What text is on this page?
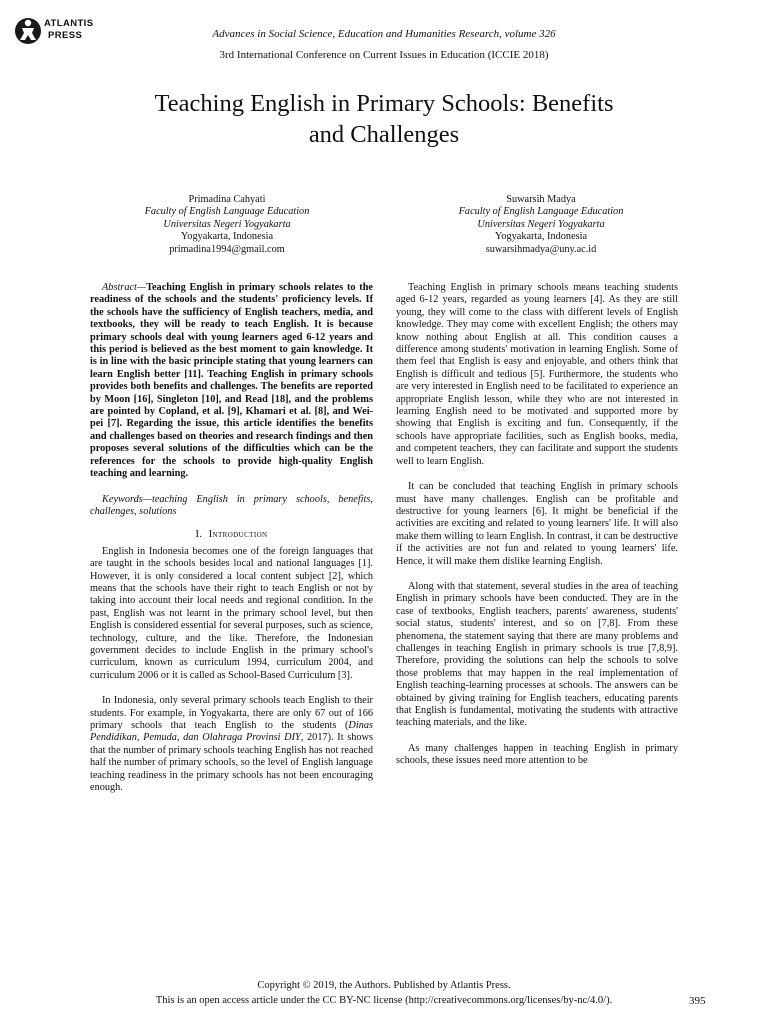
ATLANTIS
PRESS	Advances in Social Science, Education and Humanities Research, volume 326
3rd International Conference on Current Issues in Education (ICCIE 2018)
Teaching English in Primary Schools: Benefits
and Challenges
Primadina Cahyati
Faculty of English Language Education
Universitas Negeri Yogyakarta
Yogyakarta, Indonesia
primadina1994@gmail.com
Suwarsih Madya
Faculty of English Language Education
Universitas Negeri Yogyakarta
Yogyakarta, Indonesia
suwarsihmadya@uny.ac.id

Abstract—Teaching English in primary schools relates to the readiness of the schools and the students' proficiency levels. If the schools have the sufficiency of English teachers, media, and textbooks, they will be ready to teach English. It is because primary schools deal with young learners aged 6-12 years and this period is believed as the best moment to gain knowledge. It is in line with the basic principle stating that young learners can learn English better [11]. Teaching English in primary schools provides both benefits and challenges. The benefits are reported by Moon [16], Singleton [10], and Read [18], and the problems are pointed by Copland, et al. [9], Khamari et al. [8], and Wei-pei [7]. Regarding the issue, this article identifies the benefits and challenges based on theories and research findings and then proposes several solutions of the difficulties which can be the references for the schools to provide high-quality English teaching and learning.

Keywords—teaching English in primary schools, benefits, challenges, solutions

I. Introduction

English in Indonesia becomes one of the foreign languages that are taught in the schools besides local and national languages [1]. However, it is only considered a local content subject [2], which means that the schools have their right to teach English or not by taking into account their local needs and regional condition. In the past, English was not learnt in the primary school level, but then English is considered essential for several purposes, such as science, technology, culture, and the like. Therefore, the Indonesian government decides to include English in the primary school's curriculum, known as curriculum 1994, curriculum 2004, and curriculum 2006 or it is called as School-Based Curriculum [3].

In Indonesia, only several primary schools teach English to their students. For example, in Yogyakarta, there are only 67 out of 166 primary schools that teach English to the students (Dinas Pendidikan, Pemuda, dan Olahraga Provinsi DIY, 2017). It shows that the number of primary schools teaching English has not reached half the number of primary schools, so the level of English language teaching readiness in the primary schools has not been encouraging enough.

Teaching English in primary schools means teaching students aged 6-12 years, regarded as young learners [4]. As they are still young, they will come to the class with different levels of English knowledge. They may come with excellent English; the others may know nothing about English at all. This condition causes a difference among students' motivation in learning English. Some of them feel that English is easy and enjoyable, and others think that English is difficult and tedious [5]. Furthermore, the students who are very interested in English need to be facilitated to experience an appropriate English lesson, while they who are not interested in learning English need to be motivated and supported more by showing that English is exciting and fun. Consequently, if the schools have appropriate facilities, such as English books, media, and competent teachers, they can facilitate and support the students well to learn English.

It can be concluded that teaching English in primary schools must have many challenges. English can be profitable and destructive for young learners [6]. It might be beneficial if the activities are exciting and related to young learners' life. It will also make them willing to learn English. In contrast, it can be destructive if the activities are not fun and related to young learners' life. Hence, it will make them dislike learning English.

Along with that statement, several studies in the area of teaching English in primary schools have been conducted. They are in the case of textbooks, English teachers, parents' awareness, students' social status, students' interest, and so on [7,8]. From these phenomena, the statement saying that there are many problems and challenges in teaching English in primary schools is true [7,8,9]. Therefore, providing the solutions can help the schools to solve those problems that may happen in the real implementation of English teaching-learning processes at schools. The answers can be obtained by giving training for English teachers, educating parents that English is fundamental, motivating the students with attractive teaching materials, and the like.

As many challenges happen in teaching English in primary schools, these issues need more attention to be

Copyright © 2019, the Authors. Published by Atlantis Press.
This is an open access article under the CC BY-NC license (http://creativecommons.org/licenses/by-nc/4.0/).	395
